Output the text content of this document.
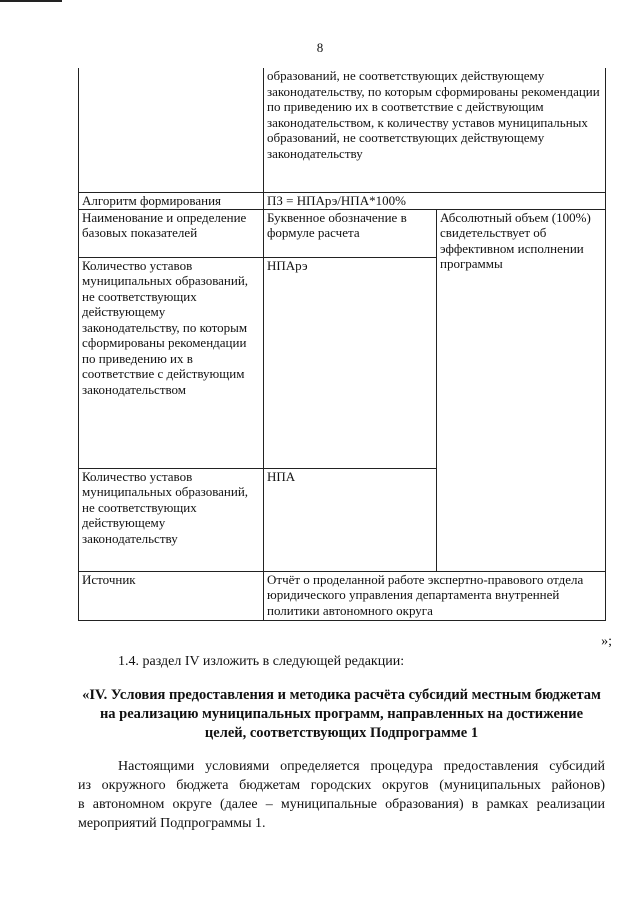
8
	образований, не соответствующих действующему законодательству, по которым сформированы рекомендации по приведению их в соответствие с действующим законодательством, к количеству уставов муниципальных образований, не соответствующих действующему законодательству	
Алгоритм формирования	ПЗ = НПАрэ/НПА*100%	
Наименование и определение базовых показателей	Буквенное обозначение в формуле расчета	Абсолютный объем (100%) свидетельствует об эффективном исполнении программы
Количество уставов муниципальных образований, не соответствующих действующему законодательству, по которым сформированы рекомендации по приведению их в соответствие с действующим законодательством	НПАрэ	
Количество уставов муниципальных образований, не соответствующих действующему законодательству	НПА	
Источник	Отчёт о проделанной работе экспертно-правового отдела юридического управления департамента внутренней политики автономного округа	
»;
1.4. раздел IV изложить в следующей редакции:
«IV. Условия предоставления и методика расчёта субсидий местным бюджетам на реализацию муниципальных программ, направленных на достижение целей, соответствующих Подпрограмме 1
Настоящими условиями определяется процедура предоставления субсидий
из окружного бюджета бюджетам городских округов (муниципальных районов)
в автономном округе (далее – муниципальные образования) в рамках реализации
мероприятий Подпрограммы 1.
